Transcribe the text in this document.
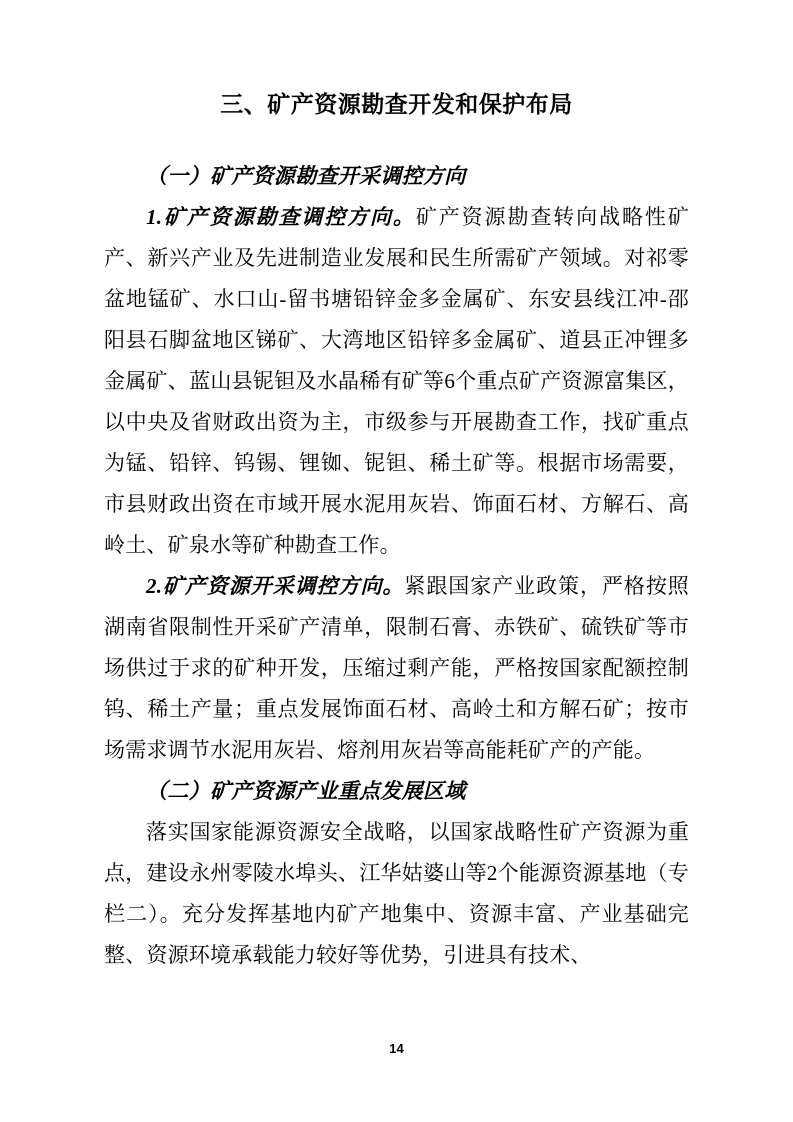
三、矿产资源勘查开发和保护布局
（一）矿产资源勘查开采调控方向

1.矿产资源勘查调控方向。矿产资源勘查转向战略性矿产、新兴产业及先进制造业发展和民生所需矿产领域。对祁零盆地锰矿、水口山-留书塘铅锌金多金属矿、东安县线江冲-邵阳县石脚盆地区锑矿、大湾地区铅锌多金属矿、道县正冲锂多金属矿、蓝山县铌钽及水晶稀有矿等6个重点矿产资源富集区，以中央及省财政出资为主，市级参与开展勘查工作，找矿重点为锰、铅锌、钨锡、锂铷、铌钽、稀土矿等。根据市场需要，市县财政出资在市域开展水泥用灰岩、饰面石材、方解石、高岭土、矿泉水等矿种勘查工作。

2.矿产资源开采调控方向。紧跟国家产业政策，严格按照湖南省限制性开采矿产清单，限制石膏、赤铁矿、硫铁矿等市场供过于求的矿种开发，压缩过剩产能，严格按国家配额控制钨、稀土产量；重点发展饰面石材、高岭土和方解石矿；按市场需求调节水泥用灰岩、熔剂用灰岩等高能耗矿产的产能。

（二）矿产资源产业重点发展区域

落实国家能源资源安全战略，以国家战略性矿产资源为重点，建设永州零陵水埠头、江华姑婆山等2个能源资源基地（专栏二）。充分发挥基地内矿产地集中、资源丰富、产业基础完整、资源环境承载能力较好等优势，引进具有技术、

14
